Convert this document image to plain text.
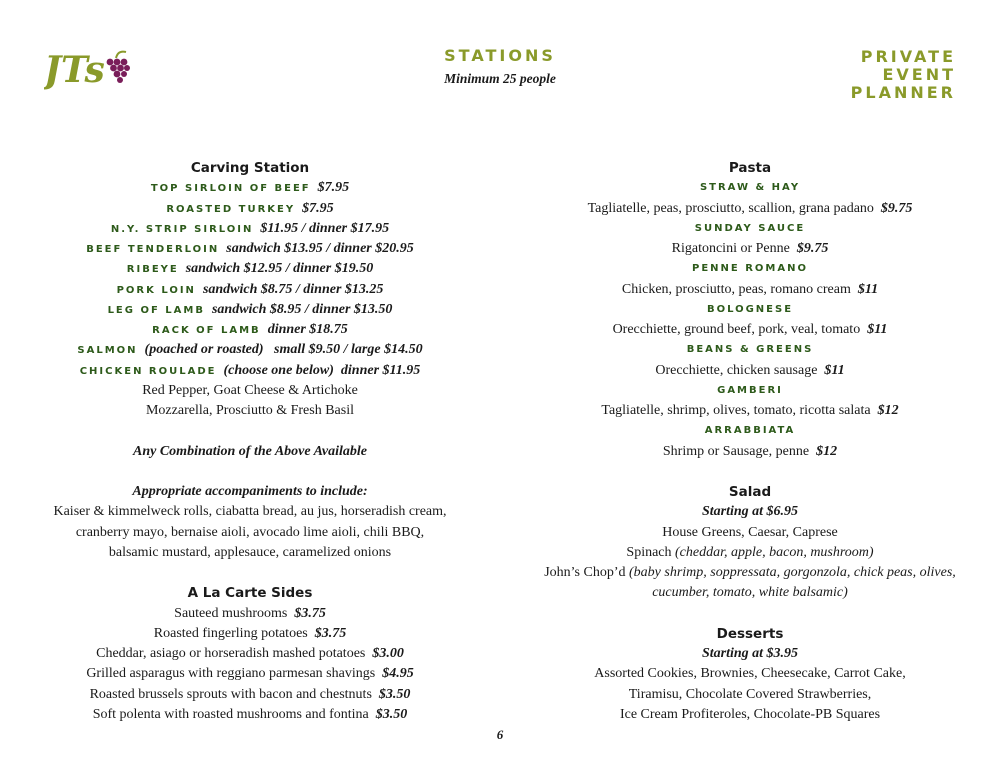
JTs	STATIONS
Minimum 25 people
PRIVATE
EVENT
PLANNER
Carving Station
TOP SIRLOIN OF BEEF $7.95
ROASTED TURKEY $7.95
N.Y. STRIP SIRLOIN $11.95 / dinner $17.95
BEEF TENDERLOIN sandwich $13.95 / dinner $20.95
RIBEYE sandwich $12.95 / dinner $19.50
PORK LOIN sandwich $8.75 / dinner $13.25
LEG OF LAMB sandwich $8.95 / dinner $13.50
RACK OF LAMB dinner $18.75
SALMON (poached or roasted)   small $9.50 / large $14.50
CHICKEN ROULADE (choose one below)  dinner $11.95
Red Pepper, Goat Cheese & Artichoke
Mozzarella, Prosciutto & Fresh Basil
Any Combination of the Above Available
Appropriate accompaniments to include:
Kaiser & kimmelweck rolls, ciabatta bread, au jus, horseradish cream,
cranberry mayo, bernaise aioli, avocado lime aioli, chili BBQ,
balsamic mustard, applesauce, caramelized onions
A La Carte Sides
Sauteed mushrooms $3.75
Roasted fingerling potatoes $3.75
Cheddar, asiago or horseradish mashed potatoes $3.00
Grilled asparagus with reggiano parmesan shavings $4.95
Roasted brussels sprouts with bacon and chestnuts $3.50
Soft polenta with roasted mushrooms and fontina $3.50
Pasta
STRAW & HAY
Tagliatelle, peas, prosciutto, scallion, grana padano $9.75
SUNDAY SAUCE
Rigatoncini or Penne $9.75
PENNE ROMANO
Chicken, prosciutto, peas, romano cream $11
BOLOGNESE
Orecchiette, ground beef, pork, veal, tomato $11
BEANS & GREENS
Orecchiette, chicken sausage $11
GAMBERI
Tagliatelle, shrimp, olives, tomato, ricotta salata $12
ARRABBIATA
Shrimp or Sausage, penne $12
Salad
Starting at $6.95
House Greens, Caesar, Caprese
Spinach (cheddar, apple, bacon, mushroom)
John’s Chop’d (baby shrimp, soppressata, gorgonzola, chick peas, olives,
cucumber, tomato, white balsamic)
Desserts
Starting at $3.95
Assorted Cookies, Brownies, Cheesecake, Carrot Cake,
Tiramisu, Chocolate Covered Strawberries,
Ice Cream Profiteroles, Chocolate-PB Squares
6
